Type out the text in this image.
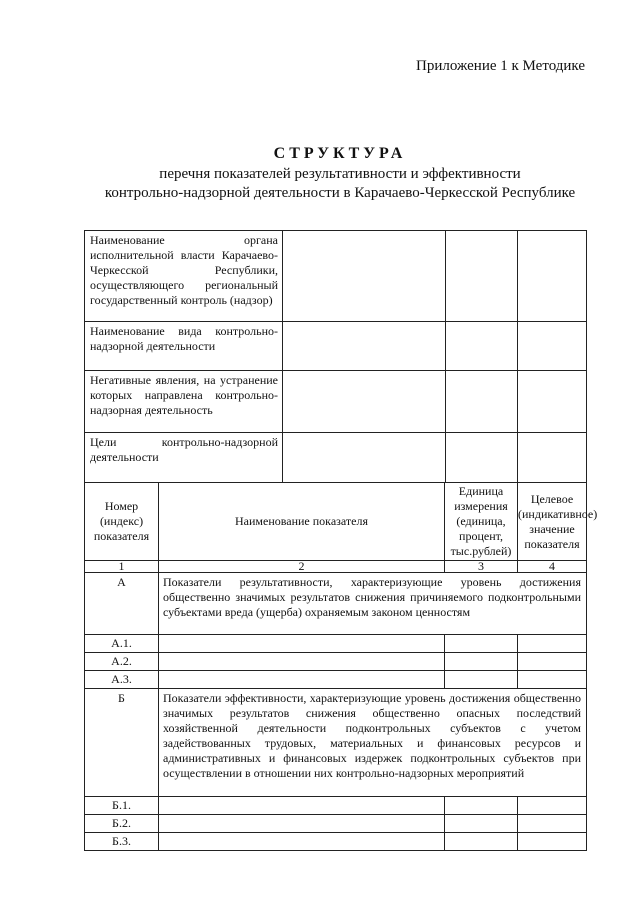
Приложение 1 к Методике
СТРУКТУРА
перечня показателей результативности и эффективности
контрольно-надзорной деятельности в Карачаево-Черкесской Республике
Наименование органа исполнительной власти Карачаево-Черкесской Республики, осуществляющего региональный государственный контроль (надзор)			
Наименование вида контрольно-надзорной деятельности			
Негативные явления, на устранение которых направлена контрольно-надзорная деятельность			
Цели контрольно-надзорной деятельности			
Номер (индекс) показателя	Наименование показателя	Единица измерения (единица, процент, тыс.рублей)	Целевое (индикативное) значение показателя
1	2	3	4
А	Показатели результативности, характеризующие уровень достижения общественно значимых результатов снижения причиняемого подконтрольными субъектами вреда (ущерба) охраняемым законом ценностям		
А.1.			
А.2.			
А.3.			
Б	Показатели эффективности, характеризующие уровень достижения общественно значимых результатов снижения общественно опасных последствий хозяйственной деятельности подконтрольных субъектов с учетом задействованных трудовых, материальных и финансовых ресурсов и административных и финансовых издержек подконтрольных субъектов при осуществлении в отношении них контрольно-надзорных мероприятий		
Б.1.			
Б.2.			
Б.3.			
